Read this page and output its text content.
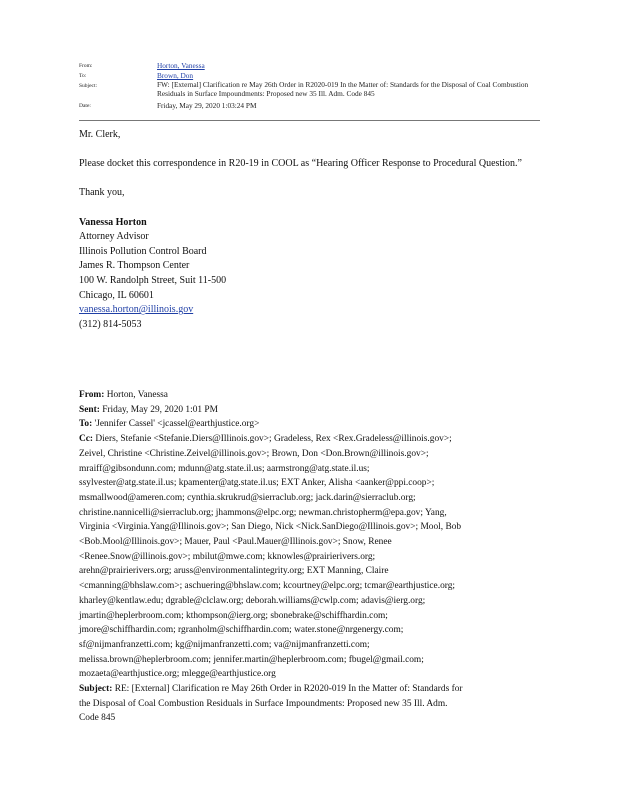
From:	Horton, Vanessa
To:	Brown, Don
Subject:	FW: [External] Clarification re May 26th Order in R2020-019 In the Matter of: Standards for the Disposal of Coal Combustion Residuals in Surface Impoundments: Proposed new 35 Ill. Adm. Code 845
Date:	Friday, May 29, 2020 1:03:24 PM

Mr. Clerk,

Please docket this correspondence in R20-19 in COOL as “Hearing Officer Response to Procedural Question.”

Thank you,

Vanessa Horton

Attorney Advisor

Illinois Pollution Control Board

James R. Thompson Center

100 W. Randolph Street, Suit 11-500

Chicago, IL 60601

vanessa.horton@illinois.gov

(312) 814-5053

From: Horton, Vanessa

Sent: Friday, May 29, 2020 1:01 PM

To: 'Jennifer Cassel' <jcassel@earthjustice.org>

Cc: Diers, Stefanie <Stefanie.Diers@Illinois.gov>; Gradeless, Rex <Rex.Gradeless@illinois.gov>;

Zeivel, Christine <Christine.Zeivel@illinois.gov>; Brown, Don <Don.Brown@illinois.gov>;

mraiff@gibsondunn.com; mdunn@atg.state.il.us; aarmstrong@atg.state.il.us;

ssylvester@atg.state.il.us; kpamenter@atg.state.il.us; EXT Anker, Alisha <aanker@ppi.coop>;

msmallwood@ameren.com; cynthia.skrukrud@sierraclub.org; jack.darin@sierraclub.org;

christine.nannicelli@sierraclub.org; jhammons@elpc.org; newman.christopherm@epa.gov; Yang,

Virginia <Virginia.Yang@Illinois.gov>; San Diego, Nick <Nick.SanDiego@Illinois.gov>; Mool, Bob

<Bob.Mool@Illinois.gov>; Mauer, Paul <Paul.Mauer@Illinois.gov>; Snow, Renee

<Renee.Snow@illinois.gov>; mbilut@mwe.com; kknowles@prairierivers.org;

arehn@prairierivers.org; aruss@environmentalintegrity.org; EXT Manning, Claire

<cmanning@bhslaw.com>; aschuering@bhslaw.com; kcourtney@elpc.org; tcmar@earthjustice.org;

kharley@kentlaw.edu; dgrable@clclaw.org; deborah.williams@cwlp.com; adavis@ierg.org;

jmartin@heplerbroom.com; kthompson@ierg.org; sbonebrake@schiffhardin.com;

jmore@schiffhardin.com; rgranholm@schiffhardin.com; water.stone@nrgenergy.com;

sf@nijmanfranzetti.com; kg@nijmanfranzetti.com; va@nijmanfranzetti.com;

melissa.brown@heplerbroom.com; jennifer.martin@heplerbroom.com; fbugel@gmail.com;

mozaeta@earthjustice.org; mlegge@earthjustice.org

Subject: RE: [External] Clarification re May 26th Order in R2020-019 In the Matter of: Standards for

the Disposal of Coal Combustion Residuals in Surface Impoundments: Proposed new 35 Ill. Adm.

Code 845
